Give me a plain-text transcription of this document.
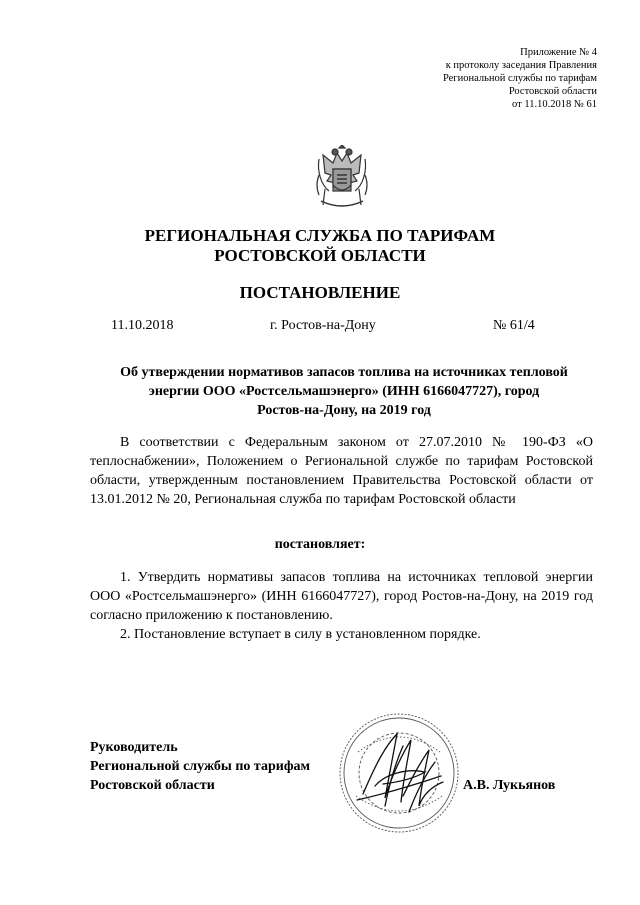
Приложение № 4
к протоколу заседания Правления
Региональной службы по тарифам
Ростовской области
от 11.10.2018 № 61
РЕГИОНАЛЬНАЯ СЛУЖБА ПО ТАРИФАМ
РОСТОВСКОЙ ОБЛАСТИ
ПОСТАНОВЛЕНИЕ
11.10.2018	г. Ростов-на-Дону	№ 61/4
Об утверждении нормативов запасов топлива на источниках тепловой
энергии ООО «Ростсельмашэнерго» (ИНН 6166047727), город
Ростов-на-Дону, на 2019 год

В соответствии с Федеральным законом от 27.07.2010 № 190-ФЗ «О теплоснабжении», Положением о Региональной службе по тарифам Ростовской области, утвержденным постановлением Правительства Ростовской области от 13.01.2012 № 20, Региональная служба по тарифам Ростовской области

постановляет:

1. Утвердить нормативы запасов топлива на источниках тепловой энергии ООО «Ростсельмашэнерго» (ИНН 6166047727), город Ростов-на-Дону, на 2019 год согласно приложению к постановлению.

2. Постановление вступает в силу в установленном порядке.

Руководитель
Региональной службы по тарифам
Ростовской области	А.В. Лукьянов
